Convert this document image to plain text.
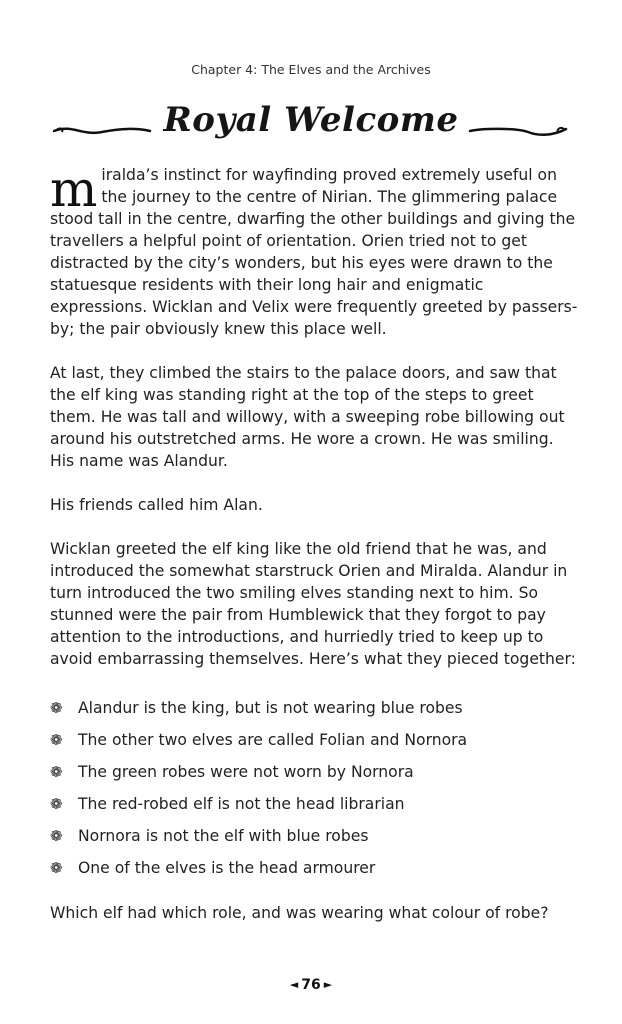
Chapter 4: The Elves and the Archives
Royal Welcome

miralda’s instinct for wayfinding proved extremely useful on the journey to the centre of Nirian. The glimmering palace stood tall in the centre, dwarfing the other buildings and giving the travellers a helpful point of orientation. Orien tried not to get distracted by the city’s wonders, but his eyes were drawn to the statuesque residents with their long hair and enigmatic expressions. Wicklan and Velix were frequently greeted by passers-by; the pair obviously knew this place well.

At last, they climbed the stairs to the palace doors, and saw that the elf king was standing right at the top of the steps to greet them. He was tall and willowy, with a sweeping robe billowing out around his outstretched arms. He wore a crown. He was smiling. His name was Alandur.

His friends called him Alan.

Wicklan greeted the elf king like the old friend that he was, and introduced the somewhat starstruck Orien and Miralda. Alandur in turn introduced the two smiling elves standing next to him. So stunned were the pair from Humblewick that they forgot to pay attention to the introductions, and hurriedly tried to keep up to avoid embarrassing themselves. Here’s what they pieced together:

❁ Alandur is the king, but is not wearing blue robes
❁ The other two elves are called Folian and Nornora
❁ The green robes were not worn by Nornora
❁ The red-robed elf is not the head librarian
❁ Nornora is not the elf with blue robes
❁ One of the elves is the head armourer

Which elf had which role, and was wearing what colour of robe?

◄ 76 ►
